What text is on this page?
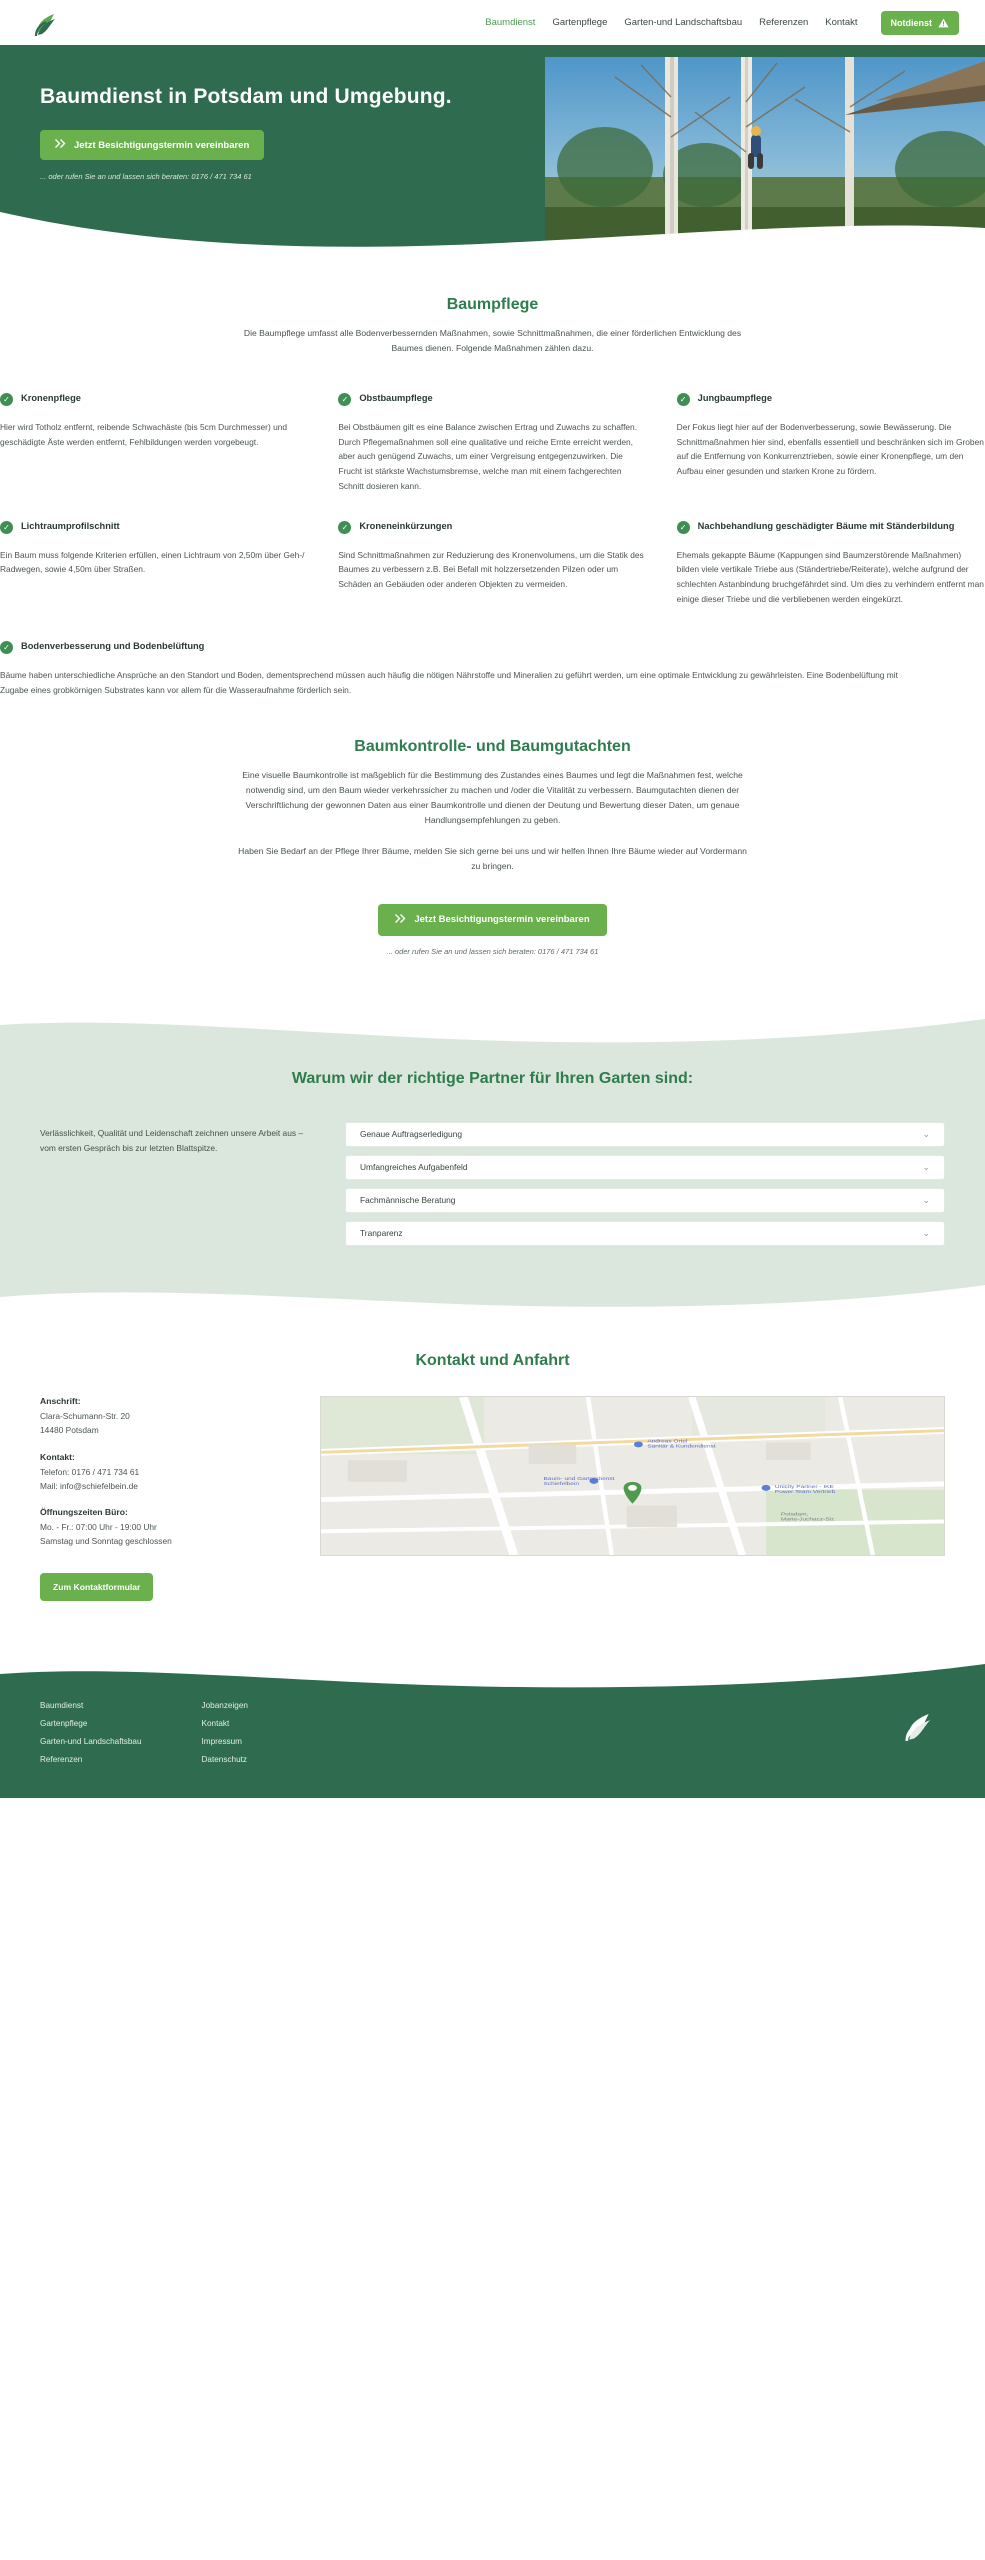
Baumdienst Gartenpflege Garten-und Landschaftsbau Referenzen Kontakt	Notdienst
Baumdienst in Potsdam und Umgebung.
Jetzt Besichtigungstermin vereinbaren
... oder rufen Sie an und lassen sich beraten: 0176 / 471 734 61
Baumpflege

Die Baumpflege umfasst alle Bodenverbessernden Maßnahmen, sowie Schnittmaßnahmen, die einer förderlichen Entwicklung des Baumes dienen. Folgende Maßnahmen zählen dazu.

✓	Kronenpflege
Hier wird Totholz entfernt, reibende Schwachäste (bis 5cm Durchmesser) und geschädigte Äste werden entfernt, Fehlbildungen werden vorgebeugt.
✓	Obstbaumpflege
Bei Obstbäumen gilt es eine Balance zwischen Ertrag und Zuwachs zu schaffen. Durch Pflegemaßnahmen soll eine qualitative und reiche Ernte erreicht werden, aber auch genügend Zuwachs, um einer Vergreisung entgegenzuwirken. Die Frucht ist stärkste Wachstumsbremse, welche man mit einem fachgerechten Schnitt dosieren kann.
✓	Jungbaumpflege
Der Fokus liegt hier auf der Bodenverbesserung, sowie Bewässerung. Die Schnittmaßnahmen hier sind, ebenfalls essentiell und beschränken sich im Groben auf die Entfernung von Konkurrenztrieben, sowie einer Kronenpflege, um den Aufbau einer gesunden und starken Krone zu fördern.
✓	Lichtraumprofilschnitt
Ein Baum muss folgende Kriterien erfüllen, einen Lichtraum von 2,50m über Geh-/ Radwegen, sowie 4,50m über Straßen.
✓	Kroneneinkürzungen
Sind Schnittmaßnahmen zur Reduzierung des Kronenvolumens, um die Statik des Baumes zu verbessern z.B. Bei Befall mit holzzersetzenden Pilzen oder um Schäden an Gebäuden oder anderen Objekten zu vermeiden.
✓	Nachbehandlung geschädigter Bäume mit Ständerbildung
Ehemals gekappte Bäume (Kappungen sind Baumzerstörende Maßnahmen) bilden viele vertikale Triebe aus (Ständertriebe/Reiterate), welche aufgrund der schlechten Astanbindung bruchgefährdet sind. Um dies zu verhindern entfernt man einige dieser Triebe und die verbliebenen werden eingekürzt.
✓	Bodenverbesserung und Bodenbelüftung
Bäume haben unterschiedliche Ansprüche an den Standort und Boden, dementsprechend müssen auch häufig die nötigen Nährstoffe und Mineralien zu geführt werden, um eine optimale Entwicklung zu gewährleisten. Eine Bodenbelüftung mit Zugabe eines grobkörnigen Substrates kann vor allem für die Wasseraufnahme förderlich sein.
Baumkontrolle- und Baumgutachten

Eine visuelle Baumkontrolle ist maßgeblich für die Bestimmung des Zustandes eines Baumes und legt die Maßnahmen fest, welche notwendig sind, um den Baum wieder verkehrssicher zu machen und /oder die Vitalität zu verbessern. Baumgutachten dienen der Verschriftlichung der gewonnen Daten aus einer Baumkontrolle und dienen der Deutung und Bewertung dieser Daten, um genaue Handlungsempfehlungen zu geben.

Haben Sie Bedarf an der Pflege Ihrer Bäume, melden Sie sich gerne bei uns und wir helfen Ihnen Ihre Bäume wieder auf Vordermann zu bringen.

Jetzt Besichtigungstermin vereinbaren
... oder rufen Sie an und lassen sich beraten: 0176 / 471 734 61
Warum wir der richtige Partner für Ihren Garten sind:
Verlässlichkeit, Qualität und Leidenschaft zeichnen unsere Arbeit aus – vom ersten Gespräch bis zur letzten Blattspitze.
Genaue Auftragserledigung	⌄
Umfangreiches Aufgabenfeld	⌄
Fachmännische Beratung	⌄
Tranparenz	⌄
Kontakt und Anfahrt
Anschrift:
Clara-Schumann-Str. 20
14480 Potsdam
Kontakt:
Telefon: 0176 / 471 734 61
Mail: info@schiefelbein.de
Öffnungszeiten Büro:
Mo. - Fr.: 07:00 Uhr - 19:00 Uhr
Samstag und Sonntag geschlossen
Zum Kontaktformular
Andreas Ortel
Sanitär & Kundendienst
Baum- und Gartendienst
Schiefelbein
Unicity Partner - IKE
Power Team Vertrieb
Potsdam,
Marie-Juchacz-Str.
Baumdienst
Gartenpflege
Garten-und Landschaftsbau
Referenzen
Jobanzeigen
Kontakt
Impressum
Datenschutz
